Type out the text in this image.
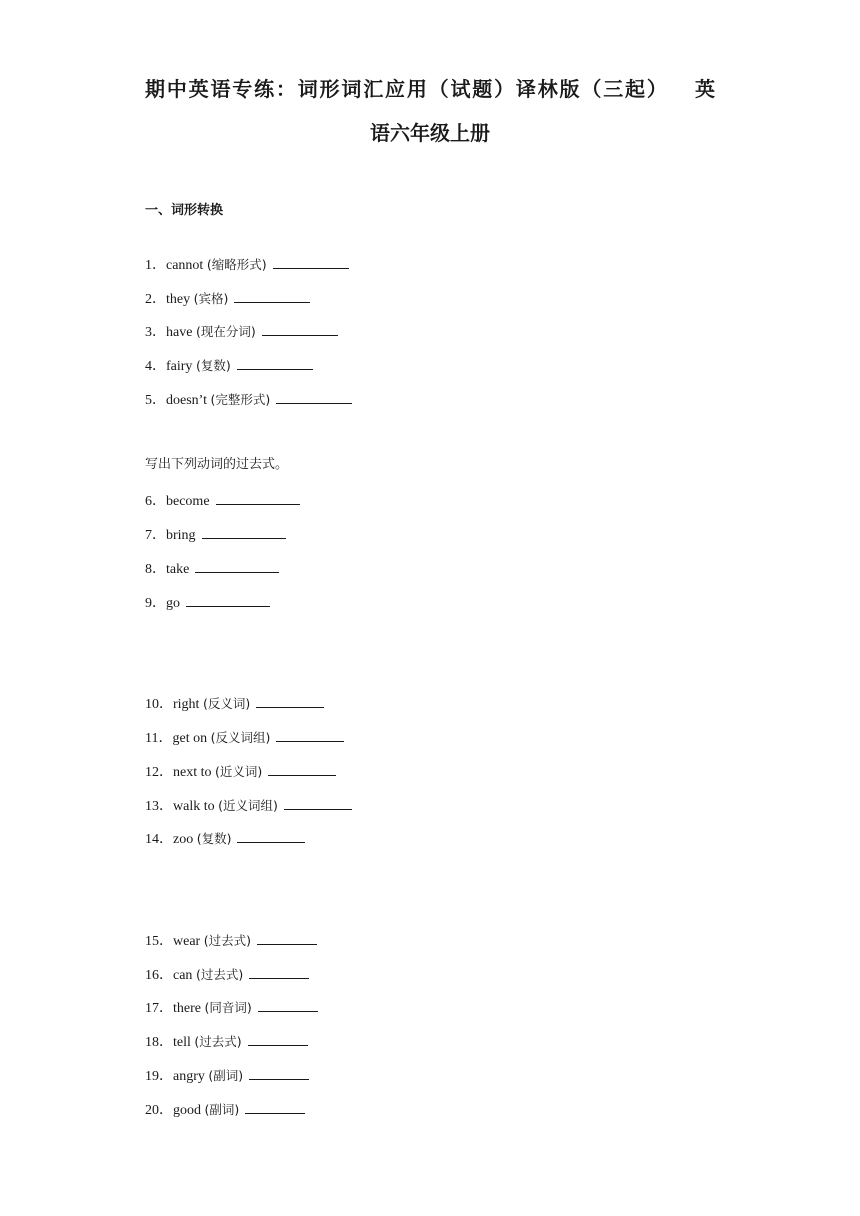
期中英语专练：词形词汇应用（试题）译林版（三起）   英
语六年级上册
一、词形转换
1．cannot (缩略形式)
2．they (宾格)
3．have (现在分词)
4．fairy (复数)
5．doesn’t (完整形式)
写出下列动词的过去式。
6．become
7．bring
8．take
9．go
10．right (反义词)
11．get on (反义词组)
12．next to (近义词)
13．walk to (近义词组)
14．zoo (复数)
15．wear (过去式)
16．can (过去式)
17．there (同音词)
18．tell (过去式)
19．angry (副词)
20．good (副词)
